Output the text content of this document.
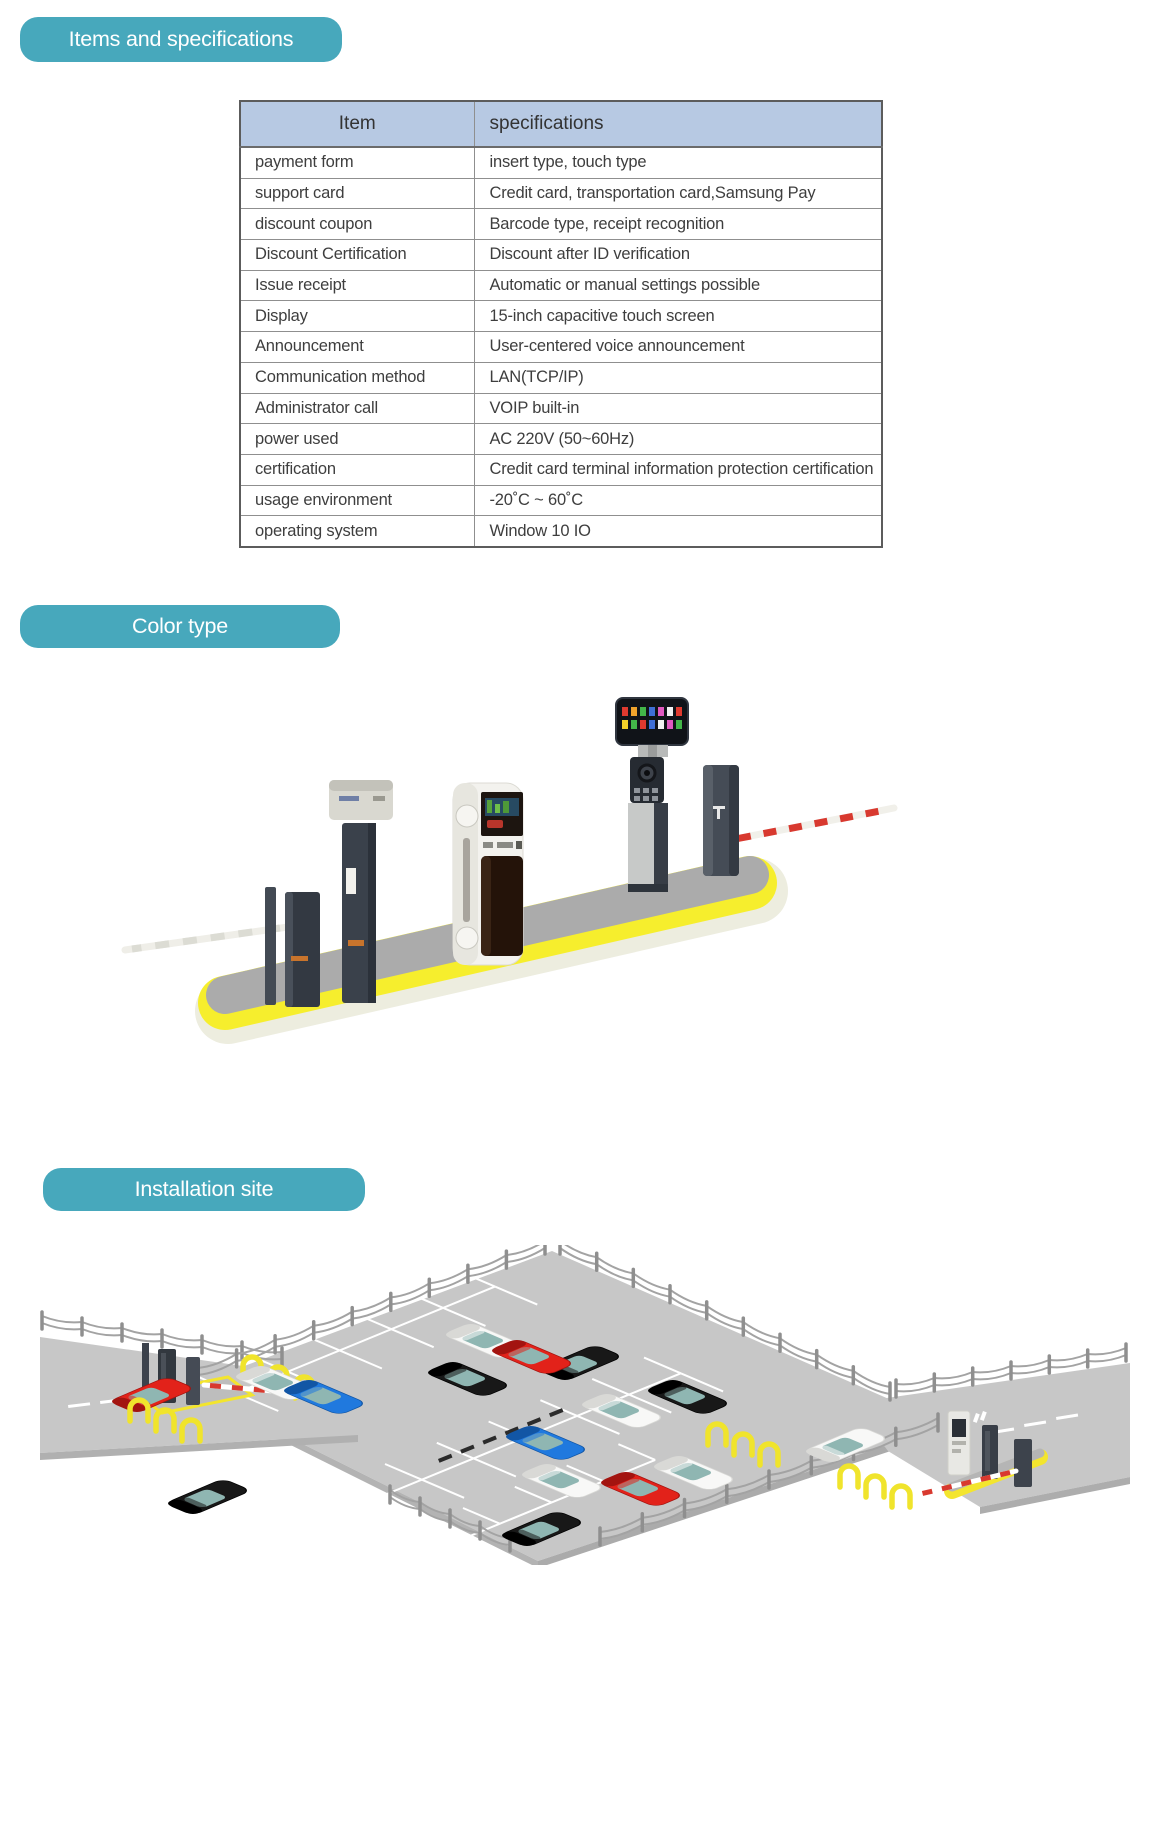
Items and specifications
Color type
Installation site
Item	specifications
payment form	insert type, touch type
support card	Credit card, transportation card,Samsung Pay
discount coupon	Barcode type, receipt recognition
Discount Certification	Discount after ID verification
Issue receipt	Automatic or manual settings possible
Display	15-inch capacitive touch screen
Announcement	User-centered voice announcement
Communication method	LAN(TCP/IP)
Administrator call	VOIP built-in
power used	AC 220V (50~60Hz)
certification	Credit card terminal information protection certification
usage environment	-20˚C ~ 60˚C
operating system	Window 10 IO
